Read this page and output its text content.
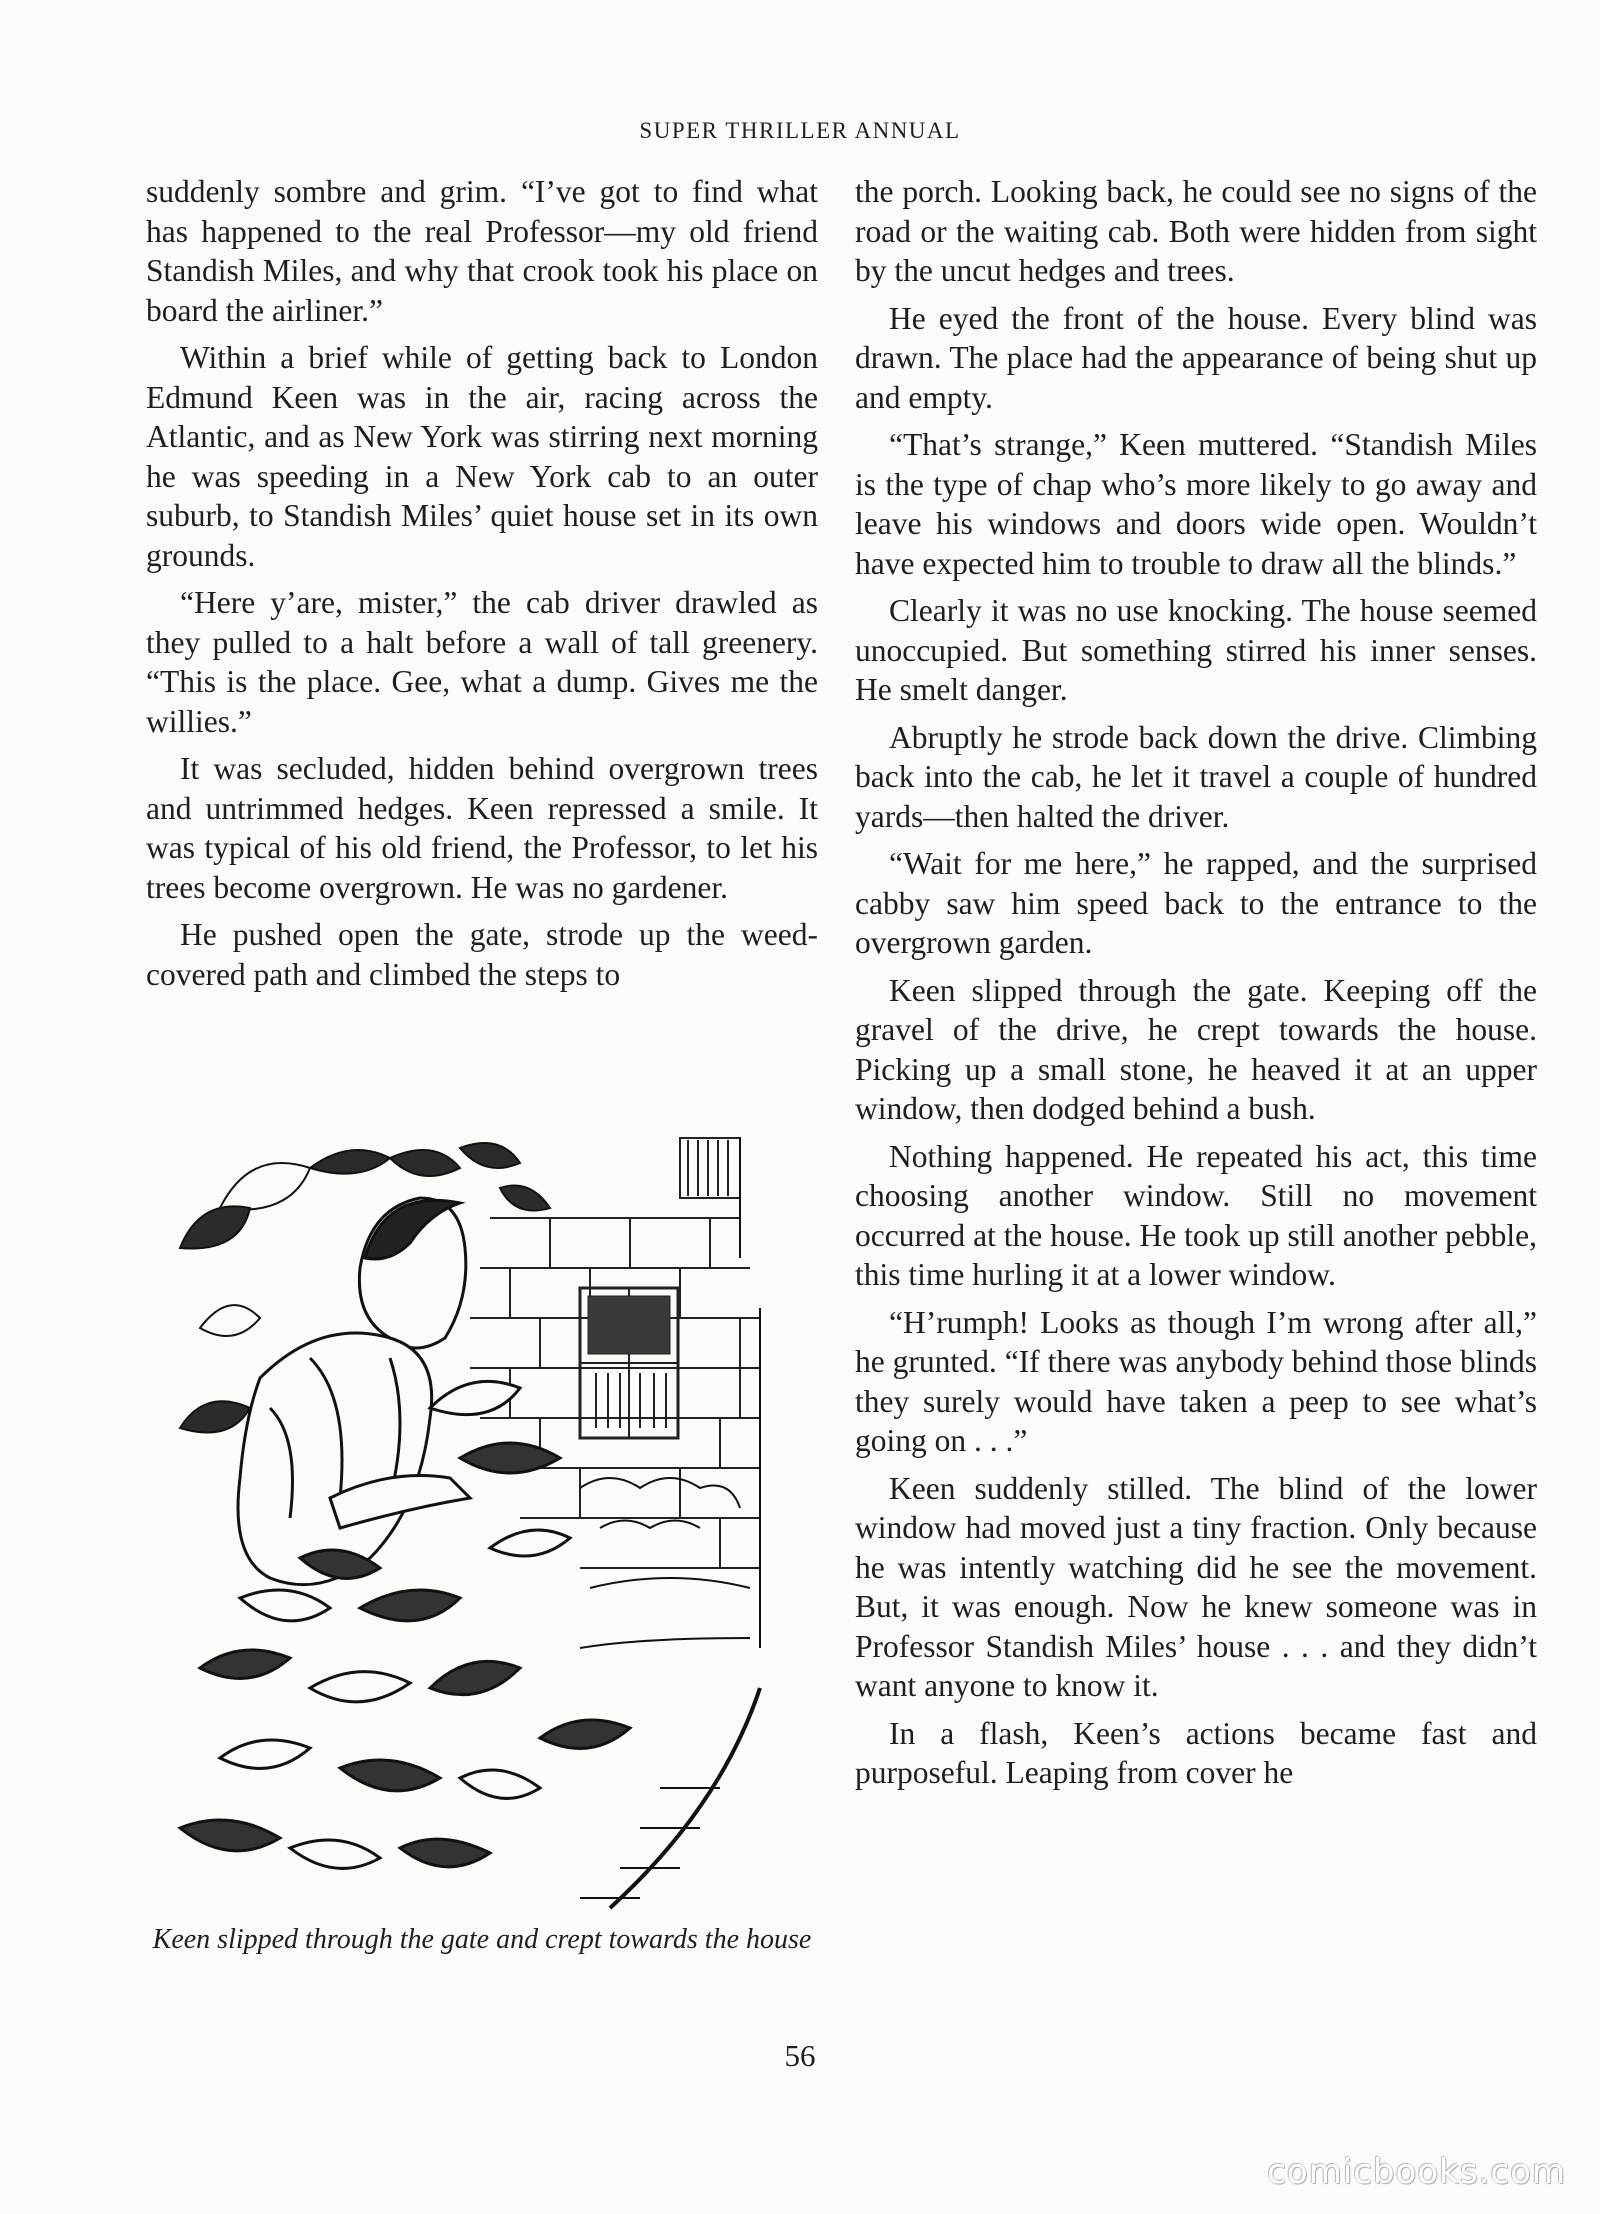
SUPER THRILLER ANNUAL

suddenly sombre and grim. “I’ve got to find what has happened to the real Professor—my old friend Standish Miles, and why that crook took his place on board the airliner.”

Within a brief while of getting back to London Edmund Keen was in the air, racing across the Atlantic, and as New York was stirring next morning he was speeding in a New York cab to an outer suburb, to Standish Miles’ quiet house set in its own grounds.

“Here y’are, mister,” the cab driver drawled as they pulled to a halt before a wall of tall greenery. “This is the place. Gee, what a dump. Gives me the willies.”

It was secluded, hidden behind overgrown trees and untrimmed hedges. Keen repressed a smile. It was typical of his old friend, the Professor, to let his trees become overgrown. He was no gardener.

He pushed open the gate, strode up the weed-covered path and climbed the steps to

Keen slipped through the gate and crept towards the house

the porch. Looking back, he could see no signs of the road or the waiting cab. Both were hidden from sight by the uncut hedges and trees.

He eyed the front of the house. Every blind was drawn. The place had the appearance of being shut up and empty.

“That’s strange,” Keen muttered. “Standish Miles is the type of chap who’s more likely to go away and leave his windows and doors wide open. Wouldn’t have expected him to trouble to draw all the blinds.”

Clearly it was no use knocking. The house seemed unoccupied. But something stirred his inner senses. He smelt danger.

Abruptly he strode back down the drive. Climbing back into the cab, he let it travel a couple of hundred yards—then halted the driver.

“Wait for me here,” he rapped, and the surprised cabby saw him speed back to the entrance to the overgrown garden.

Keen slipped through the gate. Keeping off the gravel of the drive, he crept towards the house. Picking up a small stone, he heaved it at an upper window, then dodged behind a bush.

Nothing happened. He repeated his act, this time choosing another window. Still no movement occurred at the house. He took up still another pebble, this time hurling it at a lower window.

“H’rumph! Looks as though I’m wrong after all,” he grunted. “If there was anybody behind those blinds they surely would have taken a peep to see what’s going on . . .”

Keen suddenly stilled. The blind of the lower window had moved just a tiny fraction. Only because he was intently watching did he see the movement. But, it was enough. Now he knew someone was in Professor Standish Miles’ house . . . and they didn’t want anyone to know it.

In a flash, Keen’s actions became fast and purposeful. Leaping from cover he

56
comicbooks.com
